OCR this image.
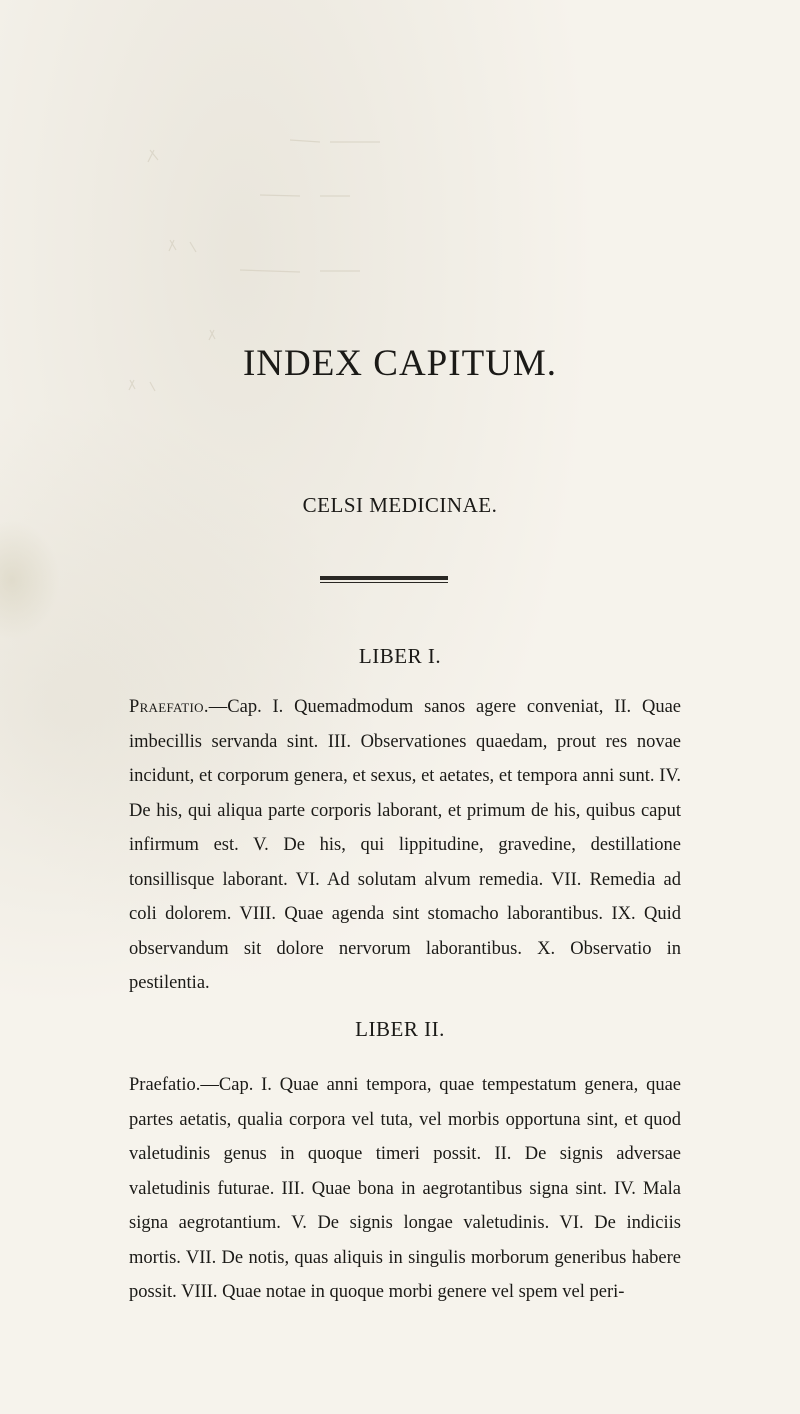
INDEX CAPITUM.
CELSI MEDICINAE.
LIBER I.

Praefatio.—Cap. I. Quemadmodum sanos agere conveniat, II. Quae imbecillis servanda sint. III. Observationes quaedam, prout res novae incidunt, et corporum genera, et sexus, et aetates, et tempora anni sunt. IV. De his, qui aliqua parte corporis laborant, et primum de his, quibus caput infirmum est. V. De his, qui lippitudine, gravedine, destillatione tonsillisque laborant. VI. Ad solutam alvum remedia. VII. Remedia ad coli dolorem. VIII. Quae agenda sint stomacho laborantibus. IX. Quid observandum sit dolore nervorum laborantibus. X. Observatio in pestilentia.

LIBER II.

Praefatio.—Cap. I. Quae anni tempora, quae tempestatum genera, quae partes aetatis, qualia corpora vel tuta, vel morbis opportuna sint, et quod valetudinis genus in quoque timeri possit. II. De signis adversae valetudinis futurae. III. Quae bona in aegrotantibus signa sint. IV. Mala signa aegrotantium. V. De signis longae valetudinis. VI. De indiciis mortis. VII. De notis, quas aliquis in singulis morborum generibus habere possit. VIII. Quae notae in quoque morbi genere vel spem vel peri-
